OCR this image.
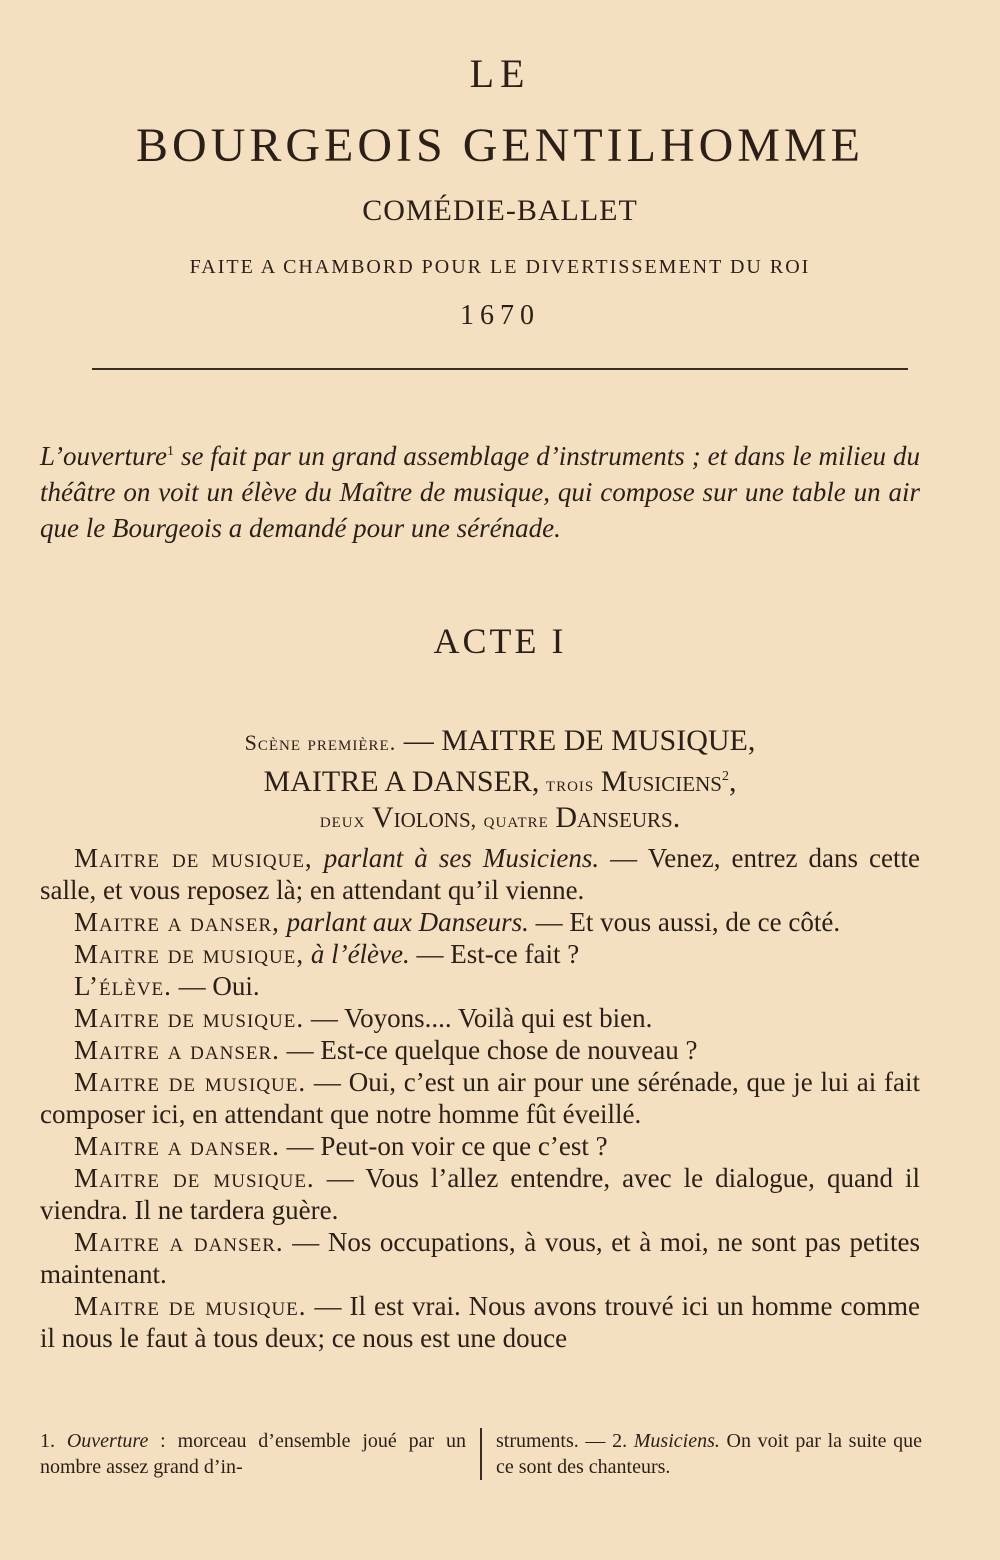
LE

BOURGEOIS GENTILHOMME

COMÉDIE-BALLET

FAITE A CHAMBORD POUR LE DIVERTISSEMENT DU ROI

1670

L’ouverture$^1$ se fait par un grand assemblage d’instruments ; et dans le milieu du théâtre on voit un élève du Maître de musique, qui compose sur une table un air que le Bourgeois a demandé pour une sérénade.

ACTE I

Scène première. — MAITRE DE MUSIQUE,
MAITRE A DANSER, trois Musiciens$^2$,
deux Violons, quatre Danseurs.

Maitre de musique, parlant à ses Musiciens. — Venez, entrez dans cette salle, et vous reposez là; en attendant qu’il vienne.

Maitre a danser, parlant aux Danseurs. — Et vous aussi, de ce côté.

Maitre de musique, à l’élève. — Est-ce fait ?

L’élève. — Oui.

Maitre de musique. — Voyons.... Voilà qui est bien.

Maitre a danser. — Est-ce quelque chose de nouveau ?

Maitre de musique. — Oui, c’est un air pour une sérénade, que je lui ai fait composer ici, en attendant que notre homme fût éveillé.

Maitre a danser. — Peut-on voir ce que c’est ?

Maitre de musique. — Vous l’allez entendre, avec le dialogue, quand il viendra. Il ne tardera guère.

Maitre a danser. — Nos occupations, à vous, et à moi, ne sont pas petites maintenant.

Maitre de musique. — Il est vrai. Nous avons trouvé ici un homme comme il nous le faut à tous deux; ce nous est une douce

1. Ouverture : morceau d’ensemble joué par un nombre assez grand d’in-

struments. — 2. Musiciens. On voit par la suite que ce sont des chanteurs.
